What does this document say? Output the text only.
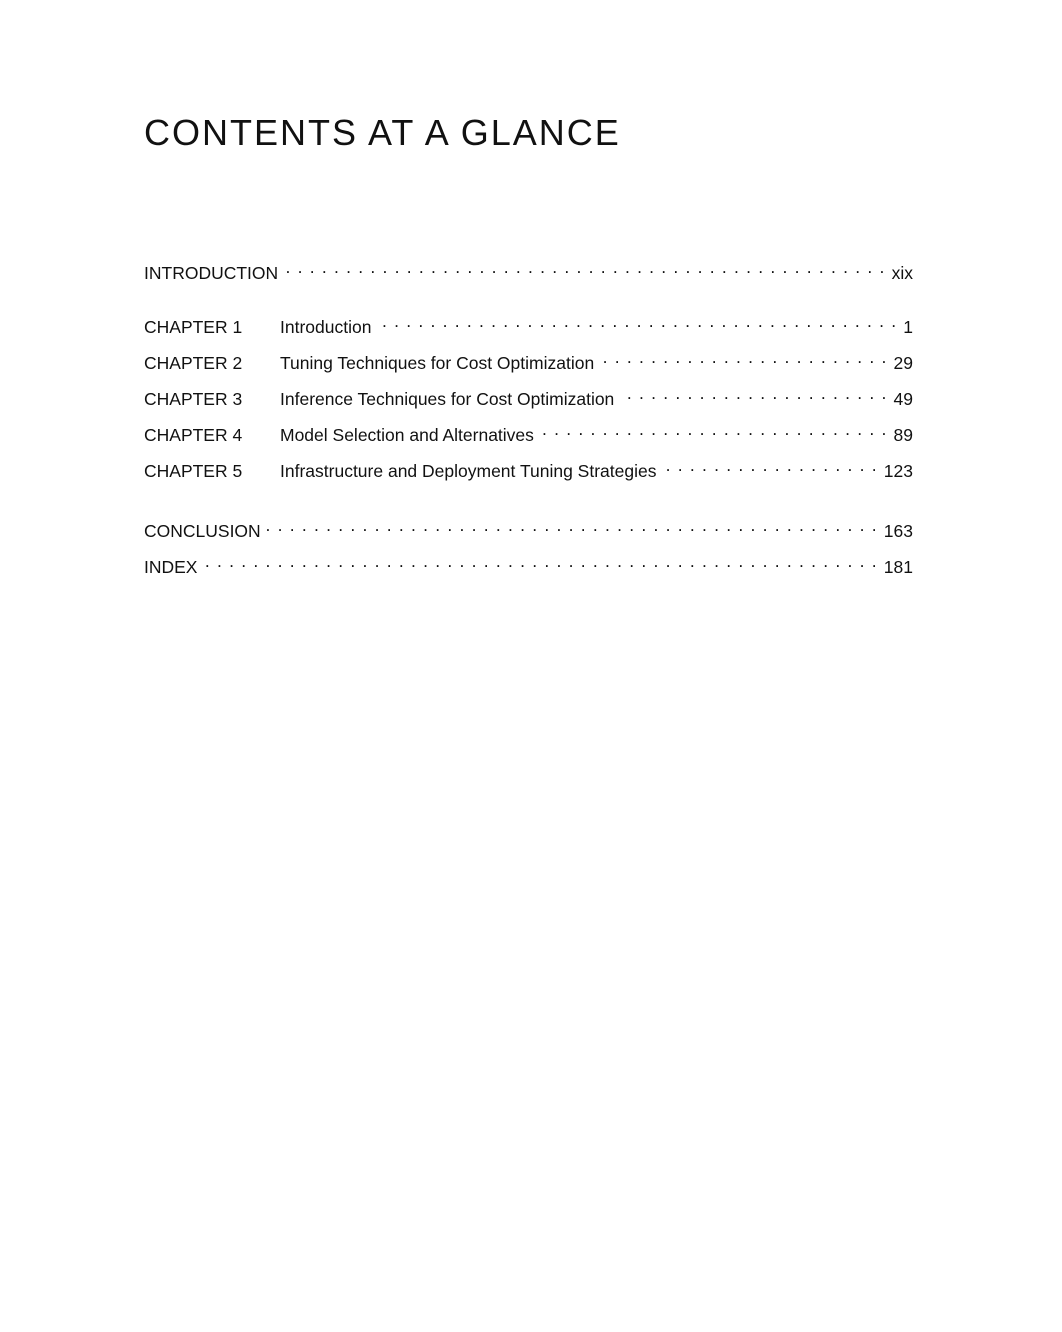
CONTENTS AT A GLANCE
INTRODUCTION . . .	xix
CHAPTER 1	Introduction . . .	1
CHAPTER 2	Tuning Techniques for Cost Optimization . . .	29
CHAPTER 3	Inference Techniques for Cost Optimization . . .	49
CHAPTER 4	Model Selection and Alternatives . . .	89
CHAPTER 5	Infrastructure and Deployment Tuning Strategies . . .	123
CONCLUSION . . .	163
INDEX . . .	181
